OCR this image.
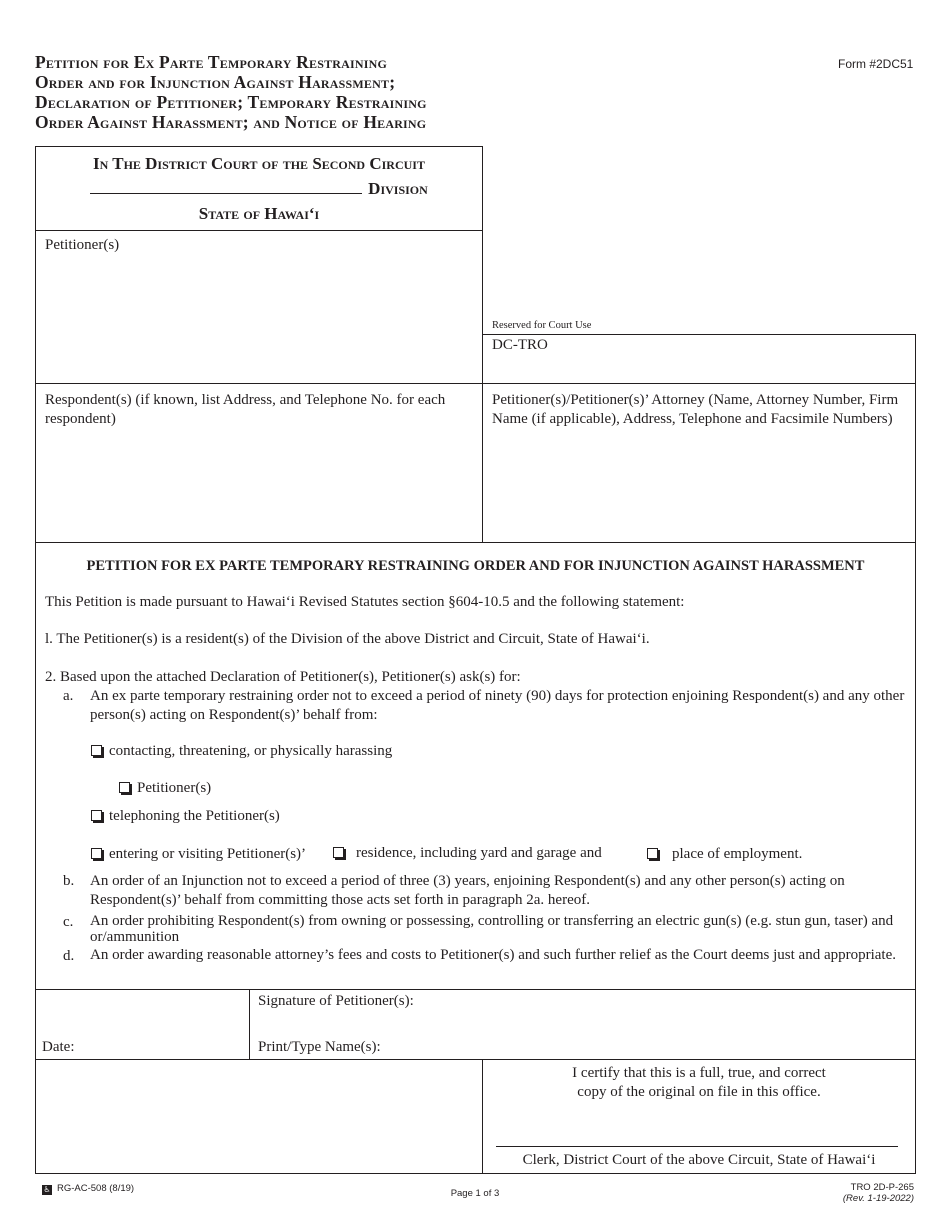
Petition for Ex Parte Temporary Restraining
Order and for Injunction Against Harassment;
Declaration of Petitioner; Temporary Restraining
Order Against Harassment; and Notice of Hearing
Form #2DC51
In The District Court of the Second Circuit
Division
State of Hawai‘i
Petitioner(s)
Reserved for Court Use
DC-TRO
Respondent(s) (if known, list Address, and Telephone No. for each respondent)
Petitioner(s)/Petitioner(s)’ Attorney (Name, Attorney Number, Firm Name (if applicable), Address, Telephone and Facsimile Numbers)
PETITION FOR EX PARTE TEMPORARY RESTRAINING ORDER AND FOR INJUNCTION AGAINST HARASSMENT
This Petition is made pursuant to Hawai‘i Revised Statutes section §604-10.5 and the following statement:
l. The Petitioner(s) is a resident(s) of the Division of the above District and Circuit, State of Hawai‘i.
2. Based upon the attached Declaration of Petitioner(s), Petitioner(s) ask(s) for:
a. An ex parte temporary restraining order not to exceed a period of ninety (90) days for protection enjoining Respondent(s) and any other person(s) acting on Respondent(s)’ behalf from:
contacting, threatening, or physically harassing
Petitioner(s)
telephoning the Petitioner(s)
entering or visiting Petitioner(s)’	residence, including yard and garage and	place of employment.
b. An order of an Injunction not to exceed a period of three (3) years, enjoining Respondent(s) and any other person(s) acting on Respondent(s)’ behalf from committing those acts set forth in paragraph 2a. hereof.
c. An order prohibiting Respondent(s) from owning or possessing, controlling or transferring an electric gun(s) (e.g. stun gun, taser) and or/ammunition
d. An order awarding reasonable attorney’s fees and costs to Petitioner(s) and such further relief as the Court deems just and appropriate.
Signature of Petitioner(s):
Date:	Print/Type Name(s):
I certify that this is a full, true, and correct
copy of the original on file in this office.
Clerk, District Court of the above Circuit, State of Hawai‘i
♿ RG-AC-508 (8/19)	Page 1 of 3
TRO 2D-P-265
(Rev. 1-19-2022)
